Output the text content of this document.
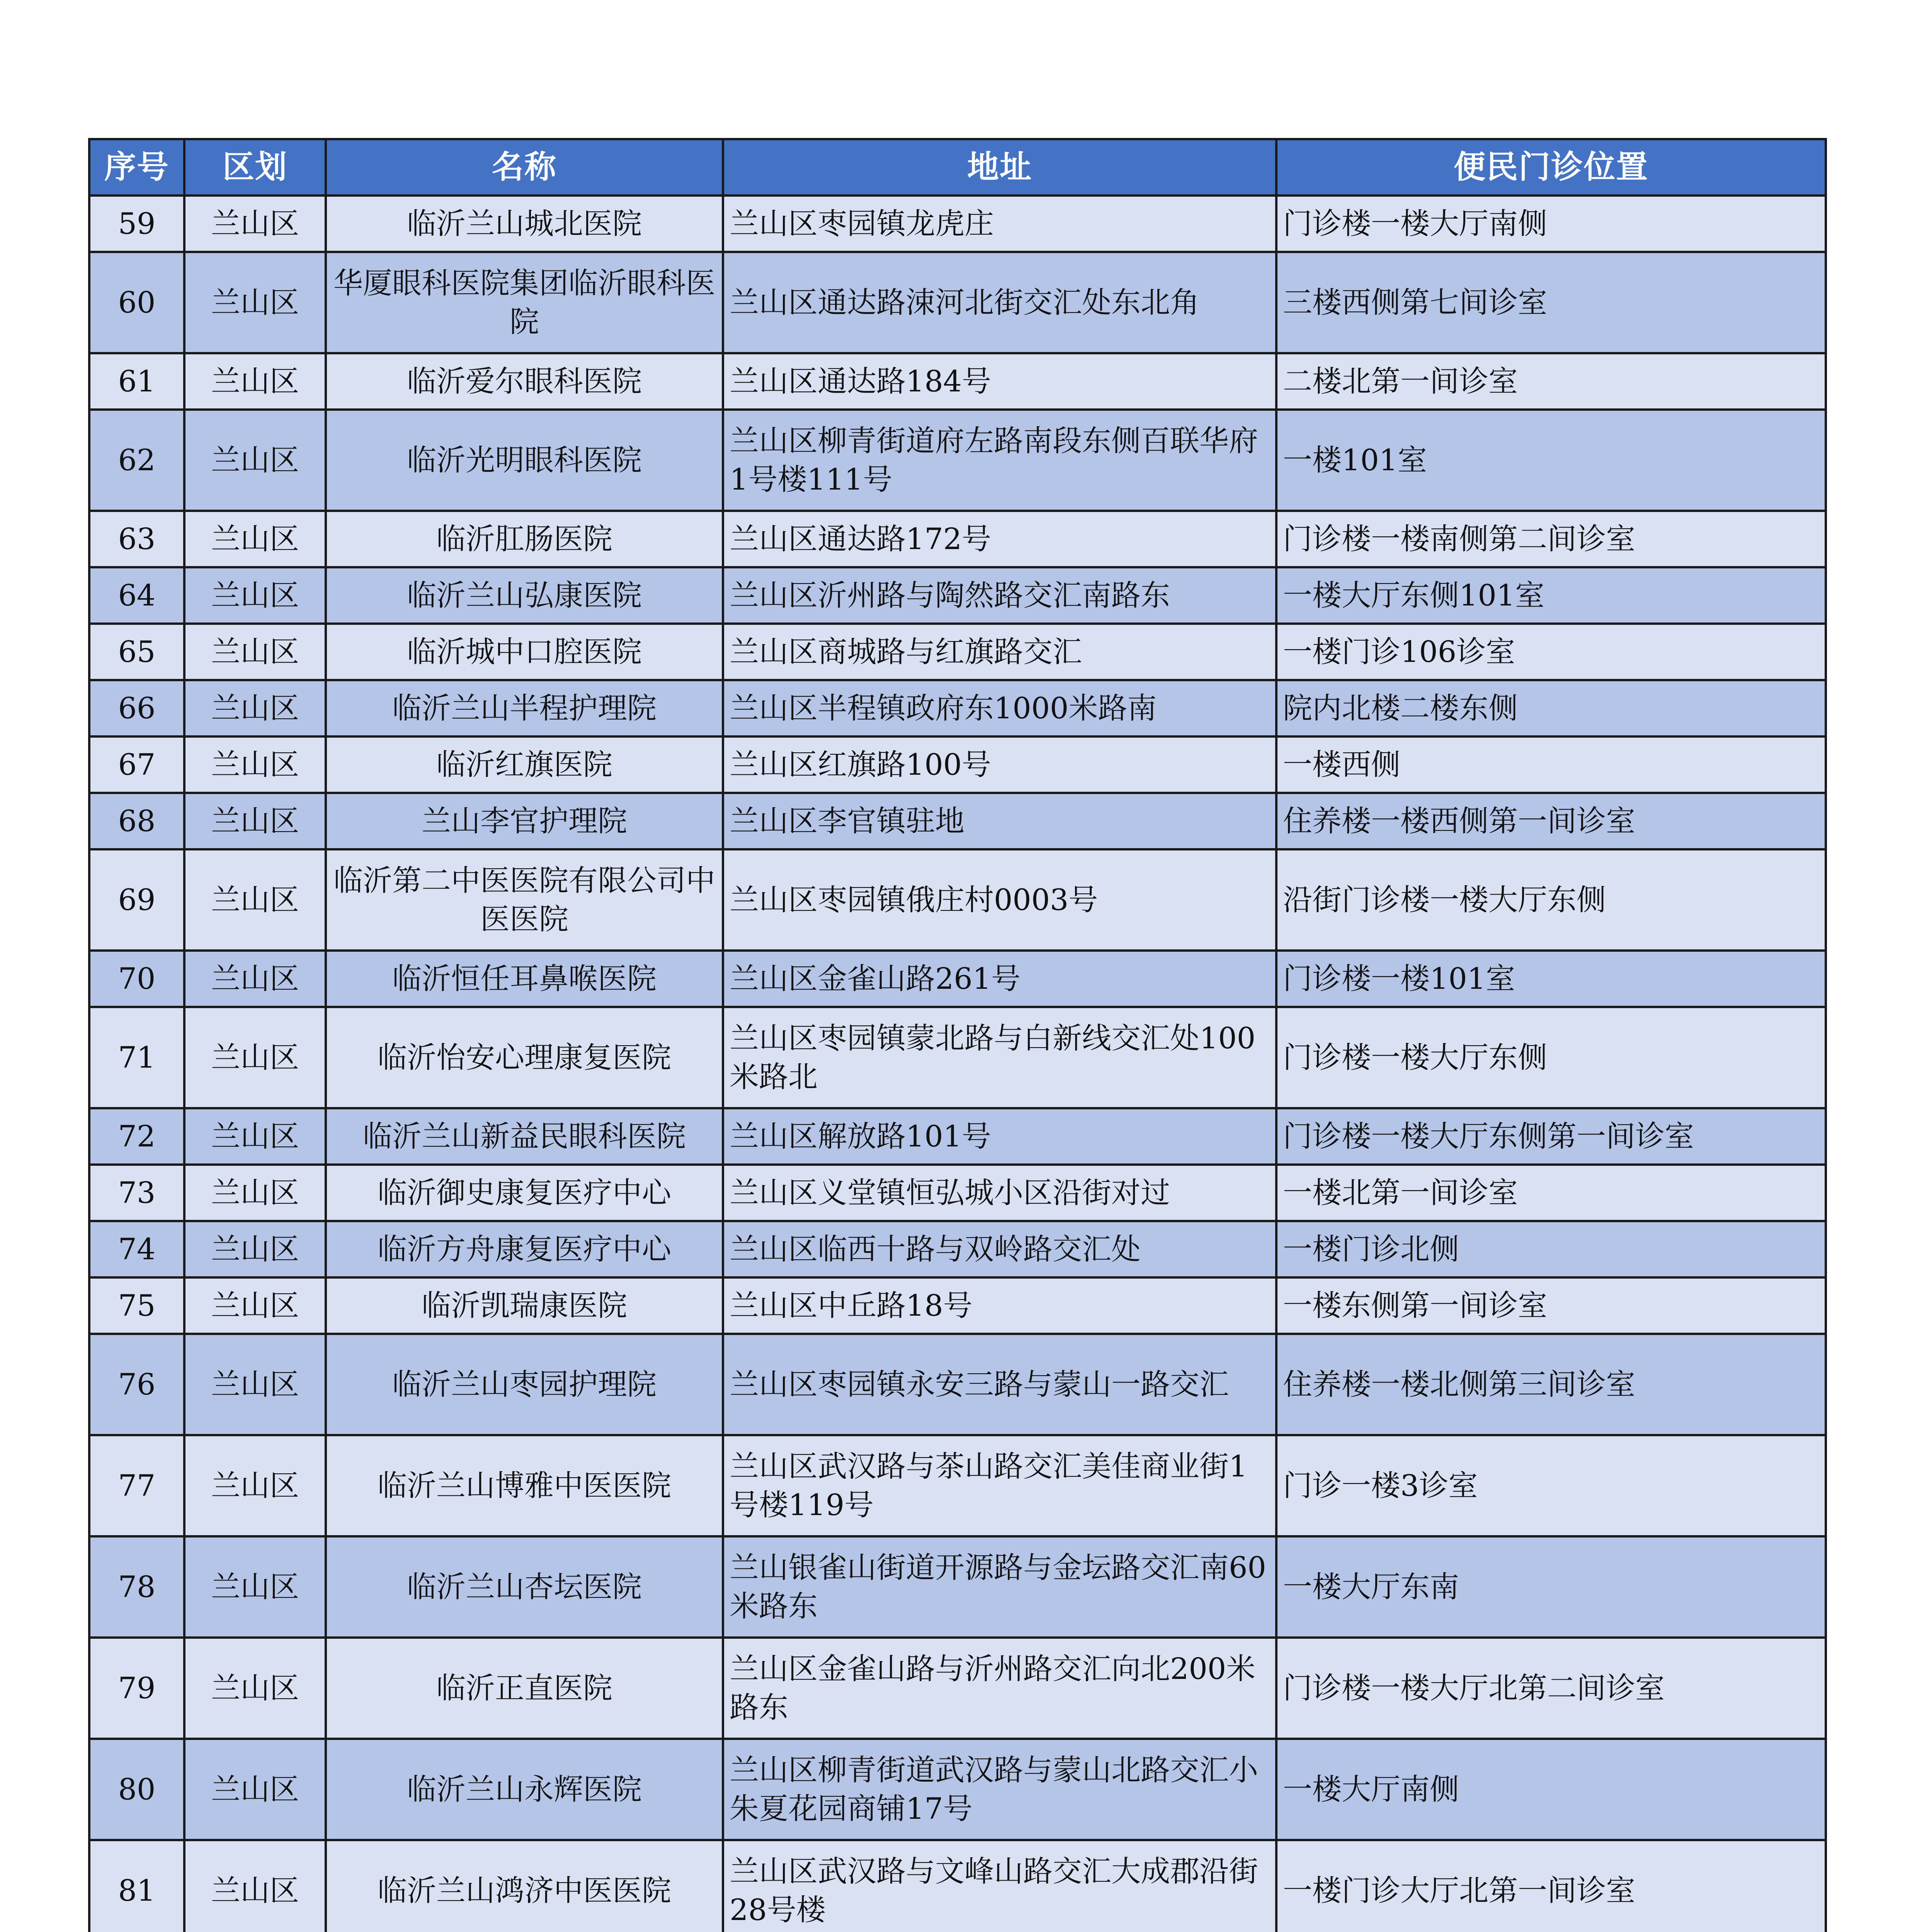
序号	区划	名称	地址	便民门诊位置
59	兰山区	临沂兰山城北医院	兰山区枣园镇龙虎庄	门诊楼一楼大厅南侧
60	兰山区	华厦眼科医院集团临沂眼科医院	兰山区通达路涑河北街交汇处东北角	三楼西侧第七间诊室
61	兰山区	临沂爱尔眼科医院	兰山区通达路184号	二楼北第一间诊室
62	兰山区	临沂光明眼科医院	兰山区柳青街道府左路南段东侧百联华府1号楼111号	一楼101室
63	兰山区	临沂肛肠医院	兰山区通达路172号	门诊楼一楼南侧第二间诊室
64	兰山区	临沂兰山弘康医院	兰山区沂州路与陶然路交汇南路东	一楼大厅东侧101室
65	兰山区	临沂城中口腔医院	兰山区商城路与红旗路交汇	一楼门诊106诊室
66	兰山区	临沂兰山半程护理院	兰山区半程镇政府东1000米路南	院内北楼二楼东侧
67	兰山区	临沂红旗医院	兰山区红旗路100号	一楼西侧
68	兰山区	兰山李官护理院	兰山区李官镇驻地	住养楼一楼西侧第一间诊室
69	兰山区	临沂第二中医医院有限公司中医医院	兰山区枣园镇俄庄村0003号	沿街门诊楼一楼大厅东侧
70	兰山区	临沂恒任耳鼻喉医院	兰山区金雀山路261号	门诊楼一楼101室
71	兰山区	临沂怡安心理康复医院	兰山区枣园镇蒙北路与白新线交汇处100米路北	门诊楼一楼大厅东侧
72	兰山区	临沂兰山新益民眼科医院	兰山区解放路101号	门诊楼一楼大厅东侧第一间诊室
73	兰山区	临沂御史康复医疗中心	兰山区义堂镇恒弘城小区沿街对过	一楼北第一间诊室
74	兰山区	临沂方舟康复医疗中心	兰山区临西十路与双岭路交汇处	一楼门诊北侧
75	兰山区	临沂凯瑞康医院	兰山区中丘路18号	一楼东侧第一间诊室
76	兰山区	临沂兰山枣园护理院	兰山区枣园镇永安三路与蒙山一路交汇	住养楼一楼北侧第三间诊室
77	兰山区	临沂兰山博雅中医医院	兰山区武汉路与茶山路交汇美佳商业街1号楼119号	门诊一楼3诊室
78	兰山区	临沂兰山杏坛医院	兰山银雀山街道开源路与金坛路交汇南60米路东	一楼大厅东南
79	兰山区	临沂正直医院	兰山区金雀山路与沂州路交汇向北200米路东	门诊楼一楼大厅北第二间诊室
80	兰山区	临沂兰山永辉医院	兰山区柳青街道武汉路与蒙山北路交汇小朱夏花园商铺17号	一楼大厅南侧
81	兰山区	临沂兰山鸿济中医医院	兰山区武汉路与文峰山路交汇大成郡沿街28号楼	一楼门诊大厅北第一间诊室
